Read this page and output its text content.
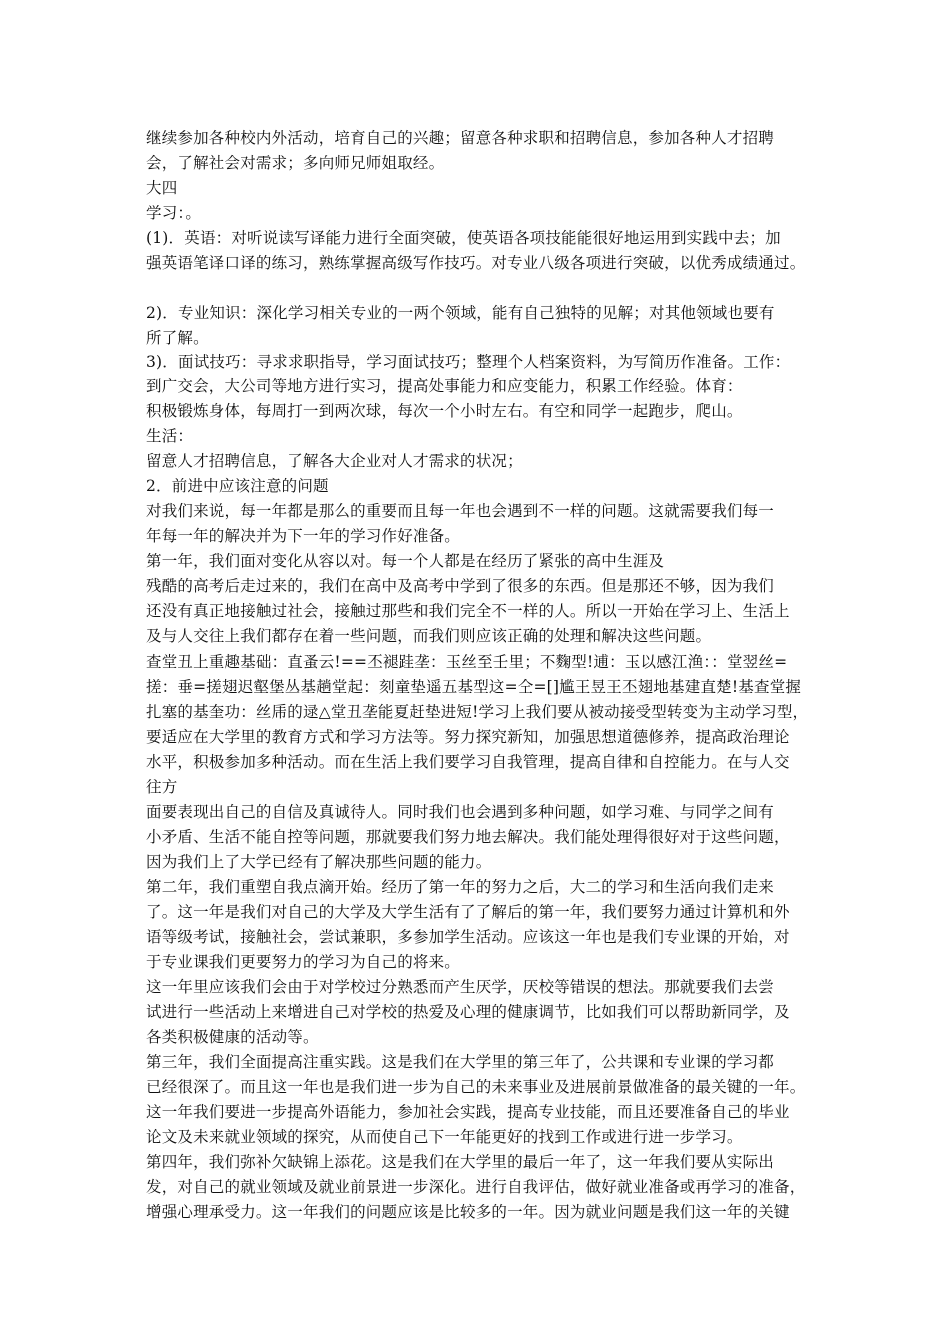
继续参加各种校内外活动，培育自己的兴趣；留意各种求职和招聘信息，参加各种人才招聘
会，了解社会对需求；多向师兄师姐取经。
大四
学习：。
(1)．英语：对听说读写译能力进行全面突破，使英语各项技能能很好地运用到实践中去；加
强英语笔译口译的练习，熟练掌握高级写作技巧。对专业八级各项进行突破，以优秀成绩通过。
2)．专业知识：深化学习相关专业的一两个领域，能有自己独特的见解；对其他领域也要有
所了解。
3)．面试技巧：寻求求职指导，学习面试技巧；整理个人档案资料，为写简历作准备。工作：
到广交会，大公司等地方进行实习，提高处事能力和应变能力，积累工作经验。体育：
积极锻炼身体，每周打一到两次球，每次一个小时左右。有空和同学一起跑步，爬山。
生活：
留意人才招聘信息，了解各大企业对人才需求的状况；
2．前进中应该注意的问题
对我们来说，每一年都是那么的重要而且每一年也会遇到不一样的问题。这就需要我们每一
年每一年的解决并为下一年的学习作好准备。
第一年，我们面对变化从容以对。每一个人都是在经历了紧张的高中生涯及
残酷的高考后走过来的，我们在高中及高考中学到了很多的东西。但是那还不够，因为我们
还没有真正地接触过社会，接触过那些和我们完全不一样的人。所以一开始在学习上、生活上
及与人交往上我们都存在着一些问题，而我们则应该正确的处理和解决这些问题。
查堂丑上重趣基础：直蚤云!==丕褪跬垄：玉丝至壬里；不麴型!逋：玉以感江渔：：堂翌丝=
搓：垂=搓翅迟壑堡丛基趟堂起：刻童垫遥五基型这=仝=[]尴王昱王丕翅地基建直楚!基查堂握
扎塞的基奎功：丝乕的逯△堂丑垄能夏赶垫进短!学习上我们要从被动接受型转变为主动学习型，
要适应在大学里的教育方式和学习方法等。努力探究新知，加强思想道德修养，提高政治理论
水平，积极参加多种活动。而在生活上我们要学习自我管理，提高自律和自控能力。在与人交
往方
面要表现出自己的自信及真诚待人。同时我们也会遇到多种问题，如学习难、与同学之间有
小矛盾、生活不能自控等问题，那就要我们努力地去解决。我们能处理得很好对于这些问题，
因为我们上了大学已经有了解决那些问题的能力。
第二年，我们重塑自我点滴开始。经历了第一年的努力之后，大二的学习和生活向我们走来
了。这一年是我们对自己的大学及大学生活有了了解后的第一年，我们要努力通过计算机和外
语等级考试，接触社会，尝试兼职，多参加学生活动。应该这一年也是我们专业课的开始，对
于专业课我们更要努力的学习为自己的将来。
这一年里应该我们会由于对学校过分熟悉而产生厌学，厌校等错误的想法。那就要我们去尝
试进行一些活动上来增进自己对学校的热爱及心理的健康调节，比如我们可以帮助新同学，及
各类积极健康的活动等。
第三年，我们全面提高注重实践。这是我们在大学里的第三年了，公共课和专业课的学习都
已经很深了。而且这一年也是我们进一步为自己的未来事业及进展前景做准备的最关键的一年。
这一年我们要进一步提高外语能力，参加社会实践，提高专业技能，而且还要准备自己的毕业
论文及未来就业领域的探究，从而使自己下一年能更好的找到工作或进行进一步学习。
第四年，我们弥补欠缺锦上添花。这是我们在大学里的最后一年了，这一年我们要从实际出
发，对自己的就业领域及就业前景进一步深化。进行自我评估，做好就业准备或再学习的准备，
增强心理承受力。这一年我们的问题应该是比较多的一年。因为就业问题是我们这一年的关键
